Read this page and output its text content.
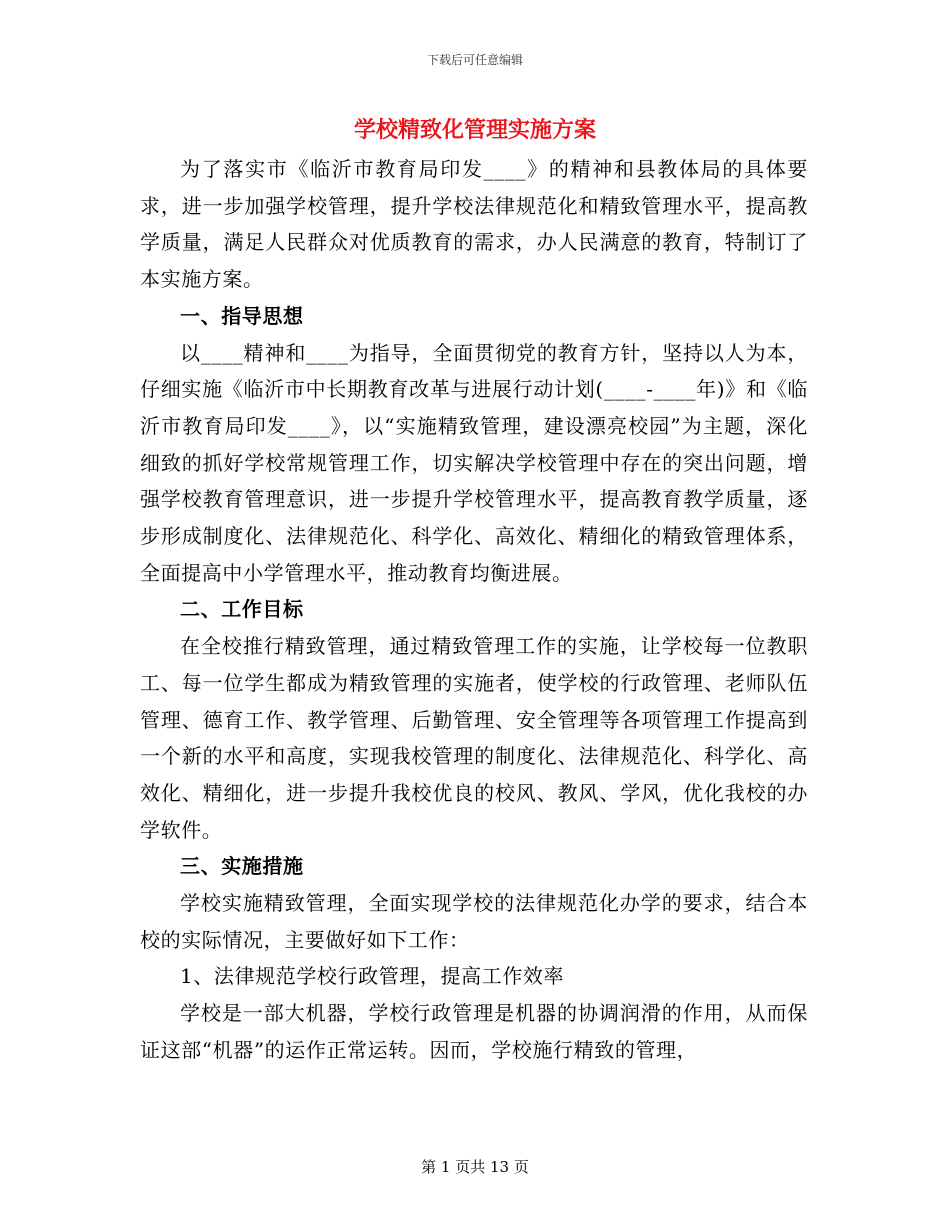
下载后可任意编辑
学校精致化管理实施方案

为了落实市《临沂市教育局印发____》的精神和县教体局的具体要求，进一步加强学校管理，提升学校法律规范化和精致管理水平，提高教学质量，满足人民群众对优质教育的需求，办人民满意的教育，特制订了本实施方案。

一、指导思想

以____精神和____为指导，全面贯彻党的教育方针，坚持以人为本，仔细实施《临沂市中长期教育改革与进展行动计划(____-____年)》和《临沂市教育局印发____》，以“实施精致管理，建设漂亮校园”为主题，深化细致的抓好学校常规管理工作，切实解决学校管理中存在的突出问题，增强学校教育管理意识，进一步提升学校管理水平，提高教育教学质量，逐步形成制度化、法律规范化、科学化、高效化、精细化的精致管理体系，全面提高中小学管理水平，推动教育均衡进展。

二、工作目标

在全校推行精致管理，通过精致管理工作的实施，让学校每一位教职工、每一位学生都成为精致管理的实施者，使学校的行政管理、老师队伍管理、德育工作、教学管理、后勤管理、安全管理等各项管理工作提高到一个新的水平和高度，实现我校管理的制度化、法律规范化、科学化、高效化、精细化，进一步提升我校优良的校风、教风、学风，优化我校的办学软件。

三、实施措施

学校实施精致管理，全面实现学校的法律规范化办学的要求，结合本校的实际情况，主要做好如下工作：

1、法律规范学校行政管理，提高工作效率

学校是一部大机器，学校行政管理是机器的协调润滑的作用，从而保证这部“机器”的运作正常运转。因而，学校施行精致的管理，

第 1 页共 13 页
